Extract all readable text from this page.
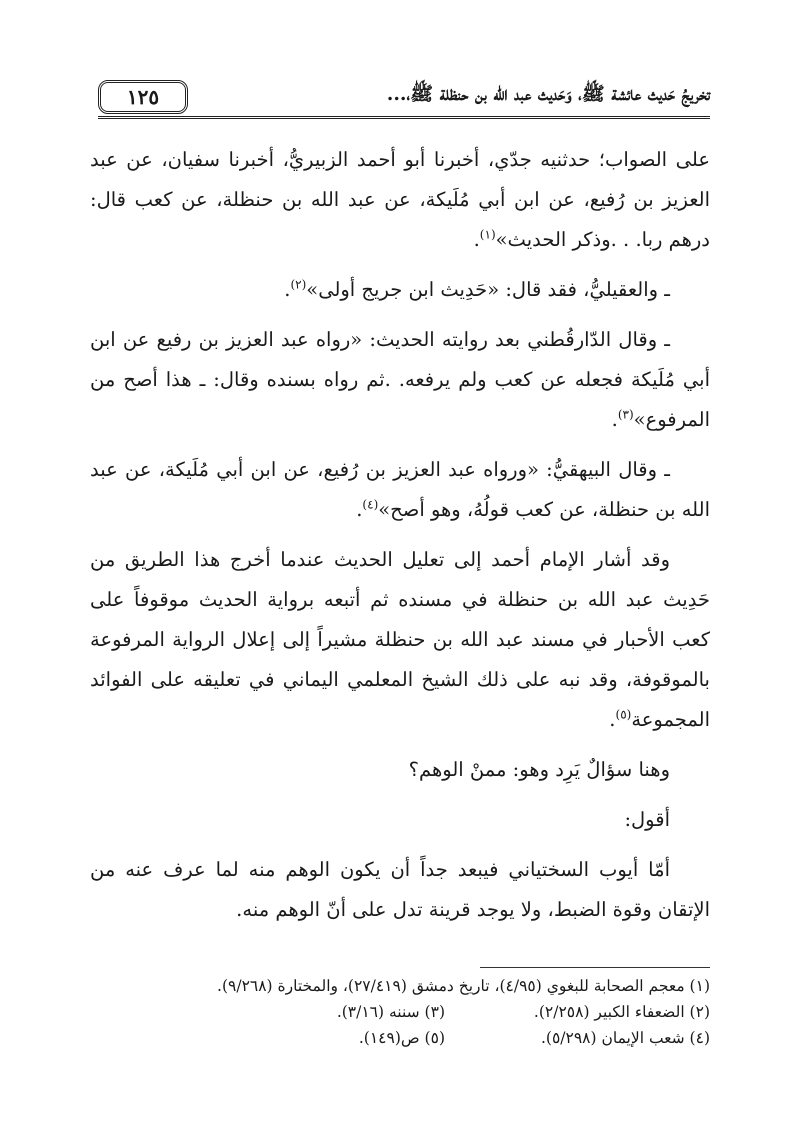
تخريجُ حَديث عائشة ﷺ، وَحَديث عبد الله بن حنظلة ﷺ،...
١٢٥

على الصواب؛ حدثنيه جدّي، أخبرنا أبو أحمد الزبيريُّ، أخبرنا سفيان، عن عبد العزيز بن رُفيع، عن ابن أبي مُلَيكة، عن عبد الله بن حنظلة، عن كعب قال: درهم ربا. . .وذكر الحديث»$^{(١)}$.

ـ والعقيليُّ، فقد قال: «حَدِيث ابن جريج أولى»$^{(٢)}$.

ـ وقال الدّارقُطني بعد روايته الحديث: «رواه عبد العزيز بن رفيع عن ابن أبي مُلَيكة فجعله عن كعب ولم يرفعه. .ثم رواه بسنده وقال: ـ هذا أصح من المرفوع»$^{(٣)}$.

ـ وقال البيهقيُّ: «ورواه عبد العزيز بن رُفيع، عن ابن أبي مُلَيكة، عن عبد الله بن حنظلة، عن كعب قولُهُ، وهو أصح»$^{(٤)}$.

وقد أشار الإمام أحمد إلى تعليل الحديث عندما أخرج هذا الطريق من حَدِيث عبد الله بن حنظلة في مسنده ثم أتبعه برواية الحديث موقوفاً على كعب الأحبار في مسند عبد الله بن حنظلة مشيراً إلى إعلال الرواية المرفوعة بالموقوفة، وقد نبه على ذلك الشيخ المعلمي اليماني في تعليقه على الفوائد المجموعة$^{(٥)}$.

وهنا سؤالٌ يَرِد وهو: ممنْ الوهم؟

أقول:

أمّا أيوب السختياني فيبعد جداً أن يكون الوهم منه لما عرف عنه من الإتقان وقوة الضبط، ولا يوجد قرينة تدل على أنّ الوهم منه.

(١) معجم الصحابة للبغوي (٤/٩٥)، تاريخ دمشق (٢٧/٤١٩)، والمختارة (٩/٢٦٨).
(٢) الضعفاء الكبير (٢/٢٥٨).
(٣) سننه (٣/١٦).
(٤) شعب الإيمان (٥/٢٩٨).
(٥) ص(١٤٩).
